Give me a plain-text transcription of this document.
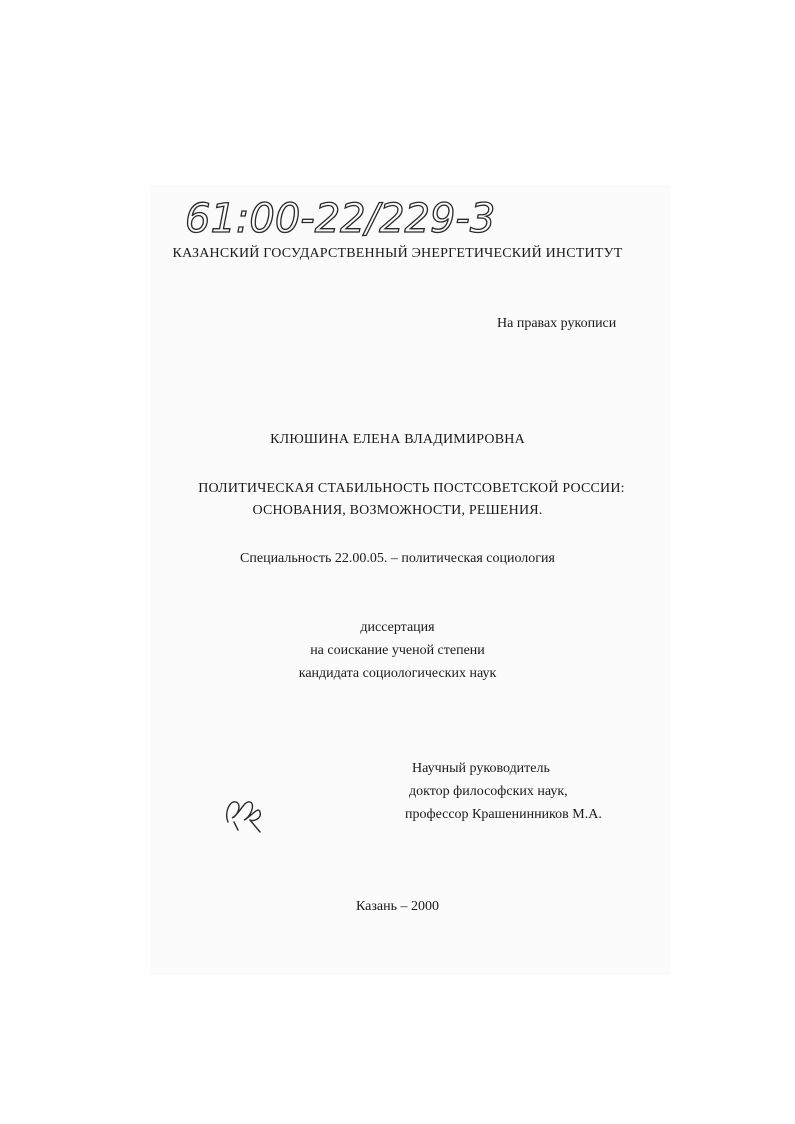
61:00-22/229-3
КАЗАНСКИЙ ГОСУДАРСТВЕННЫЙ ЭНЕРГЕТИЧЕСКИЙ ИНСТИТУТ
На правах рукописи
КЛЮШИНА ЕЛЕНА ВЛАДИМИРОВНА
ПОЛИТИЧЕСКАЯ СТАБИЛЬНОСТЬ ПОСТСОВЕТСКОЙ РОССИИ:
ОСНОВАНИЯ, ВОЗМОЖНОСТИ, РЕШЕНИЯ.
Специальность 22.00.05. – политическая социология
диссертация
на соискание ученой степени
кандидата социологических наук
Научный руководитель
доктор философских наук,
профессор Крашенинников М.А.
Казань – 2000
